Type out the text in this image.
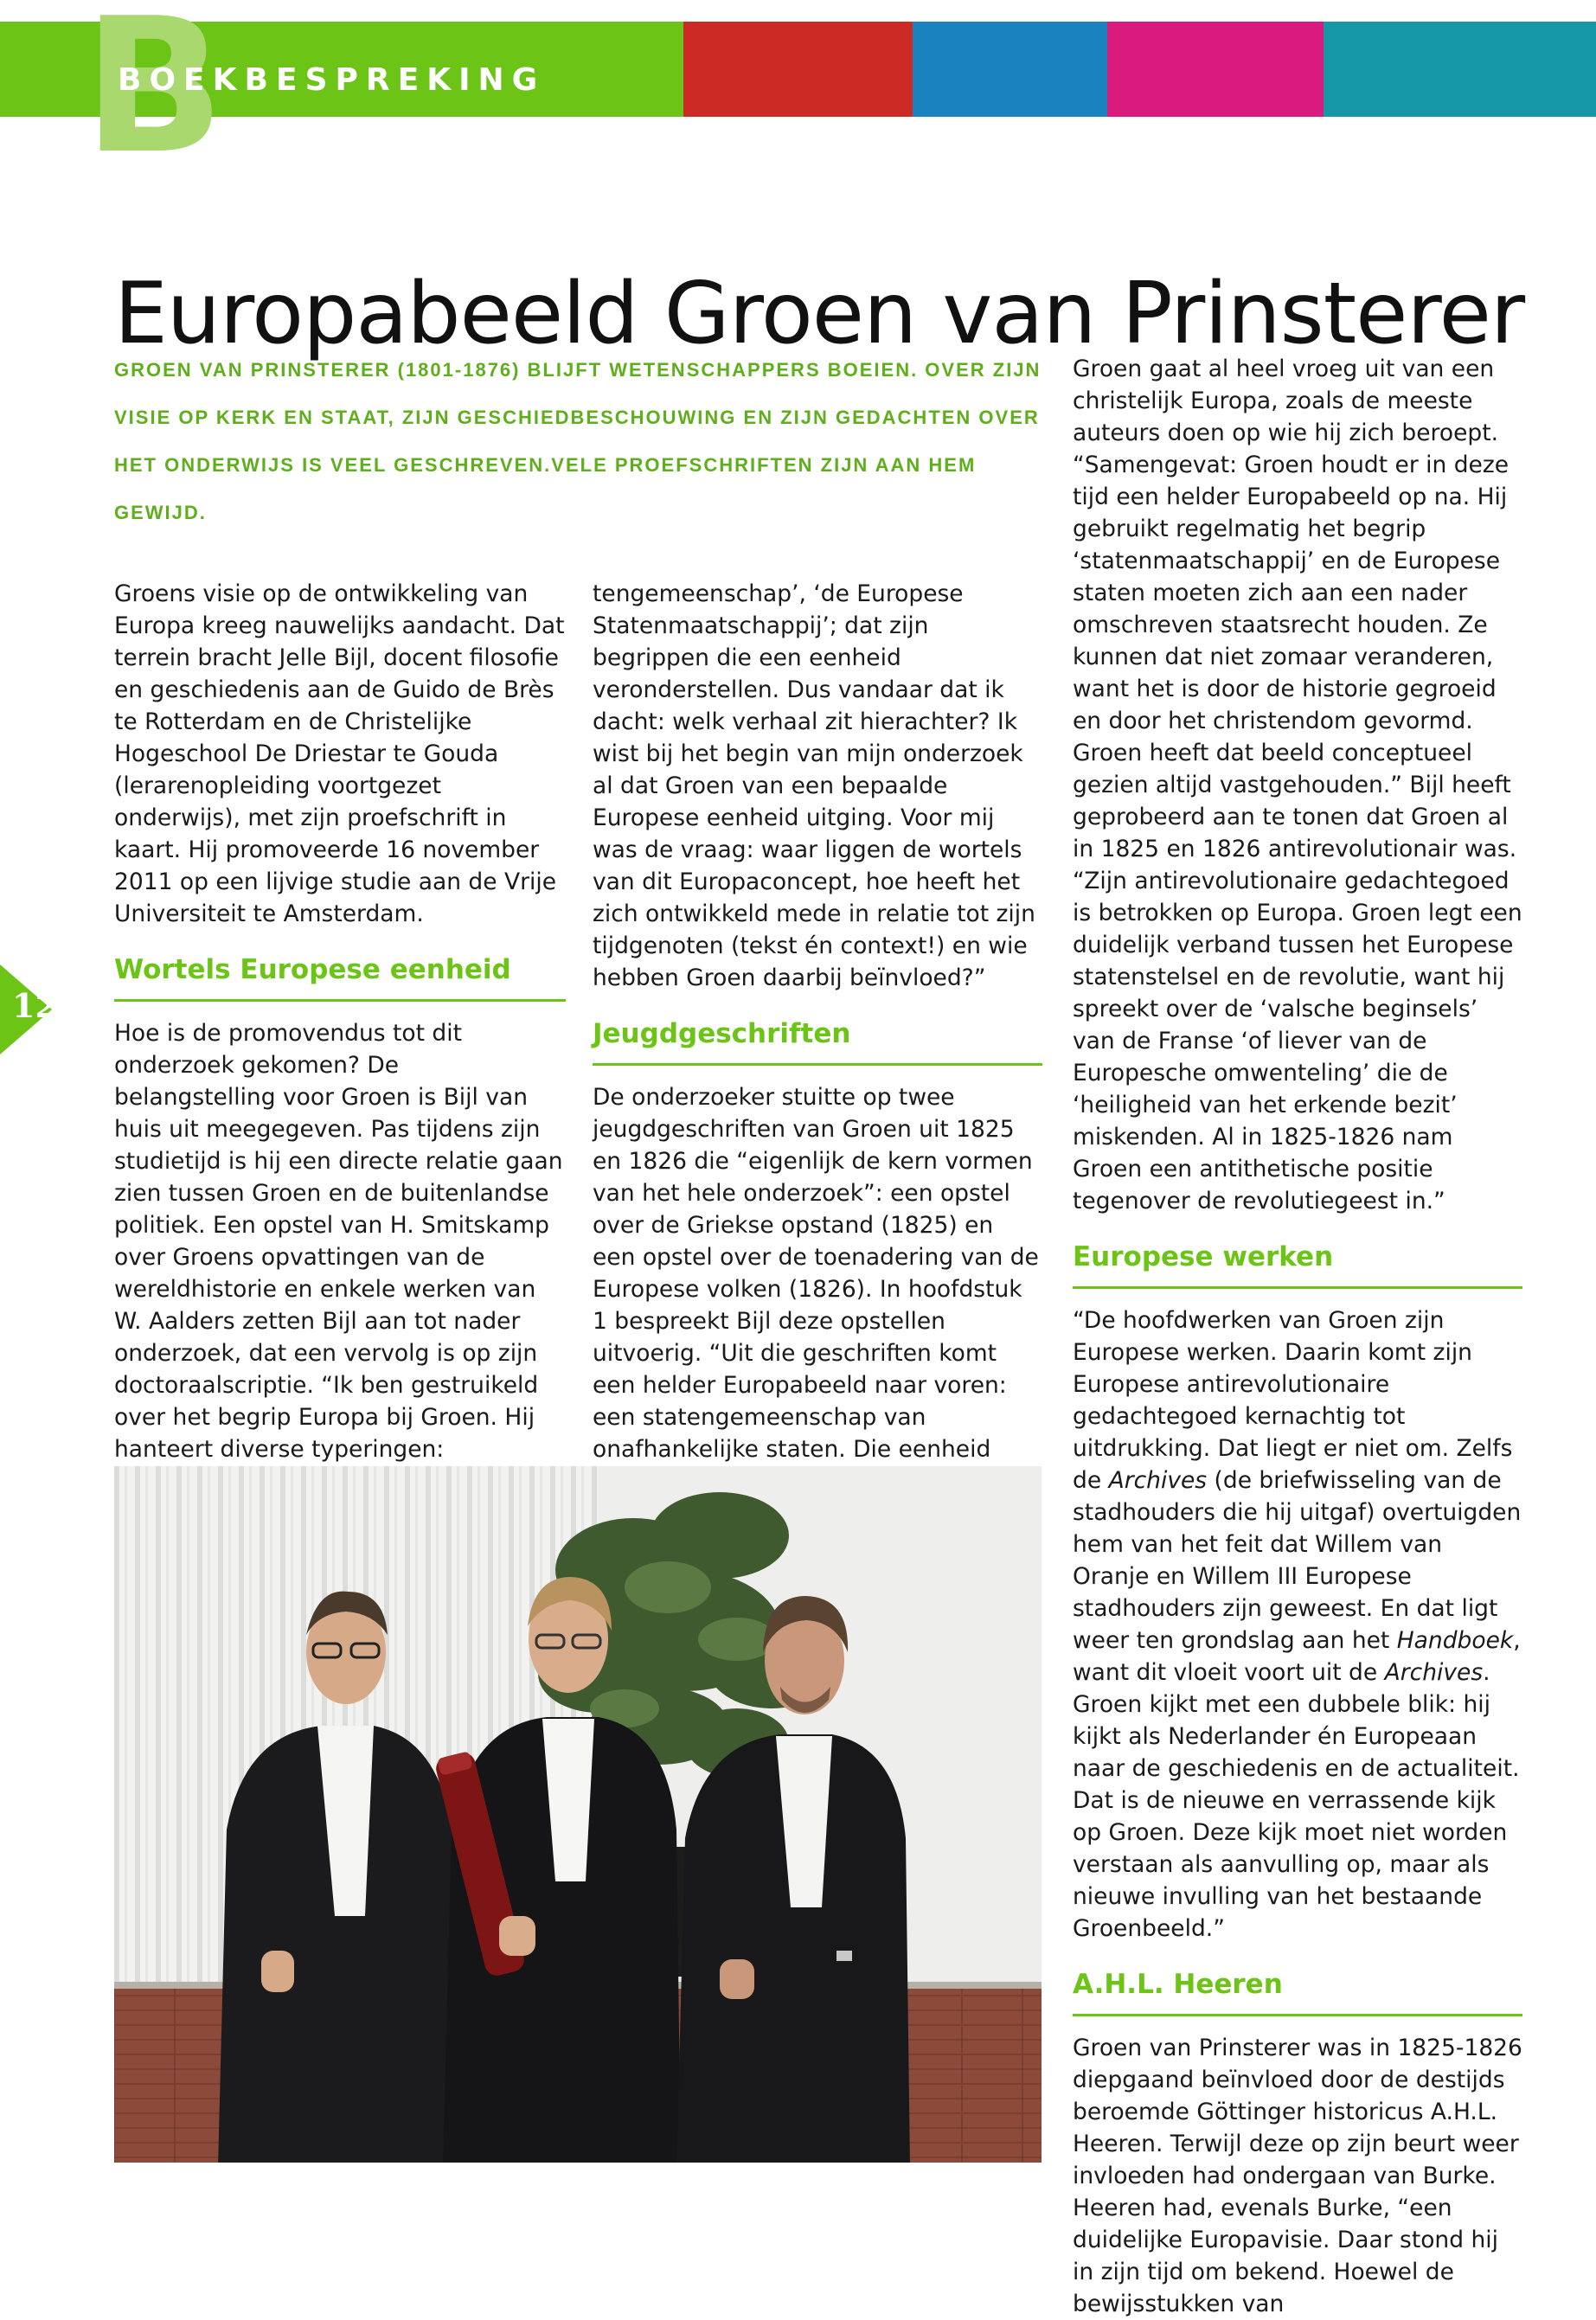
B
BOEKBESPREKING
Europabeeld Groen van Prinsterer
GROEN VAN PRINSTERER (1801-1876) BLIJFT WETENSCHAPPERS BOEIEN. OVER ZIJN VISIE OP KERK EN STAAT, ZIJN GESCHIEDBESCHOUWING EN ZIJN GEDACHTEN OVER HET ONDERWIJS IS VEEL GESCHREVEN.VELE PROEFSCHRIFTEN ZIJN AAN HEM GEWIJD.
12

Groens visie op de ontwikkeling van Europa kreeg nauwelijks aandacht. Dat terrein bracht Jelle Bijl, docent filosofie en geschiedenis aan de Guido de Brès te Rotterdam en de Christelijke Hogeschool De Driestar te Gouda (lerarenopleiding voortgezet onderwijs), met zijn proefschrift in kaart. Hij promoveerde 16 november 2011 op een lijvige studie aan de Vrije Universiteit te Amsterdam.

Wortels Europese eenheid

Hoe is de promovendus tot dit onderzoek gekomen? De belangstelling voor Groen is Bijl van huis uit meegegeven. Pas tijdens zijn studietijd is hij een directe relatie gaan zien tussen Groen en de buitenlandse politiek. Een opstel van H. Smitskamp over Groens opvattingen van de wereldhistorie en enkele werken van W. Aalders zetten Bijl aan tot nader onderzoek, dat een vervolg is op zijn doctoraalscriptie. “Ik ben gestruikeld over het begrip Europa bij Groen. Hij hanteert diverse typeringen:

tengemeenschap’, ‘de Europese Statenmaatschappij’; dat zijn begrippen die een eenheid veronderstellen. Dus vandaar dat ik dacht: welk verhaal zit hierachter? Ik wist bij het begin van mijn onderzoek al dat Groen van een bepaalde Europese eenheid uitging. Voor mij was de vraag: waar liggen de wortels van dit Europaconcept, hoe heeft het zich ontwikkeld mede in relatie tot zijn tijdgenoten (tekst én context!) en wie hebben Groen daarbij beïnvloed?”

Jeugdgeschriften

De onderzoeker stuitte op twee jeugdgeschriften van Groen uit 1825 en 1826 die “eigenlijk de kern vormen van het hele onderzoek”: een opstel over de Griekse opstand (1825) en een opstel over de toenadering van de Europese volken (1826). In hoofdstuk 1 bespreekt Bijl deze opstellen uitvoerig. “Uit die geschriften komt een helder Europabeeld naar voren: een statengemeenschap van onafhankelijke staten. Die eenheid

Groen gaat al heel vroeg uit van een christelijk Europa, zoals de meeste auteurs doen op wie hij zich beroept. “Samengevat: Groen houdt er in deze tijd een helder Europabeeld op na. Hij gebruikt regelmatig het begrip ‘statenmaatschappij’ en de Europese staten moeten zich aan een nader omschreven staatsrecht houden. Ze kunnen dat niet zomaar veranderen, want het is door de historie gegroeid en door het christendom gevormd. Groen heeft dat beeld conceptueel gezien altijd vastgehouden.” Bijl heeft geprobeerd aan te tonen dat Groen al in 1825 en 1826 antirevolutionair was. “Zijn antirevolutionaire gedachtegoed is betrokken op Europa. Groen legt een duidelijk verband tussen het Europese statenstelsel en de revolutie, want hij spreekt over de ‘valsche beginsels’ van de Franse ‘of liever van de Europesche omwenteling’ die de ‘heiligheid van het erkende bezit’ miskenden. Al in 1825-1826 nam Groen een antithetische positie tegenover de revolutiegeest in.”

Europese werken

“De hoofdwerken van Groen zijn Europese werken. Daarin komt zijn Europese antirevolutionaire gedachtegoed kernachtig tot uitdrukking. Dat liegt er niet om. Zelfs de Archives (de briefwisseling van de stadhouders die hij uitgaf) overtuigden hem van het feit dat Willem van Oranje en Willem III Europese stadhouders zijn geweest. En dat ligt weer ten grondslag aan het Handboek, want dit vloeit voort uit de Archives. Groen kijkt met een dubbele blik: hij kijkt als Nederlander én Europeaan naar de geschiedenis en de actualiteit. Dat is de nieuwe en verrassende kijk op Groen. Deze kijk moet niet worden verstaan als aanvulling op, maar als nieuwe invulling van het bestaande Groenbeeld.”

A.H.L. Heeren

Groen van Prinsterer was in 1825-1826 diepgaand beïnvloed door de destijds beroemde Göttinger historicus A.H.L. Heeren. Terwijl deze op zijn beurt weer invloeden had ondergaan van Burke. Heeren had, evenals Burke, “een duidelijke Europavisie. Daar stond hij in zijn tijd om bekend. Hoewel de bewijsstukken van
